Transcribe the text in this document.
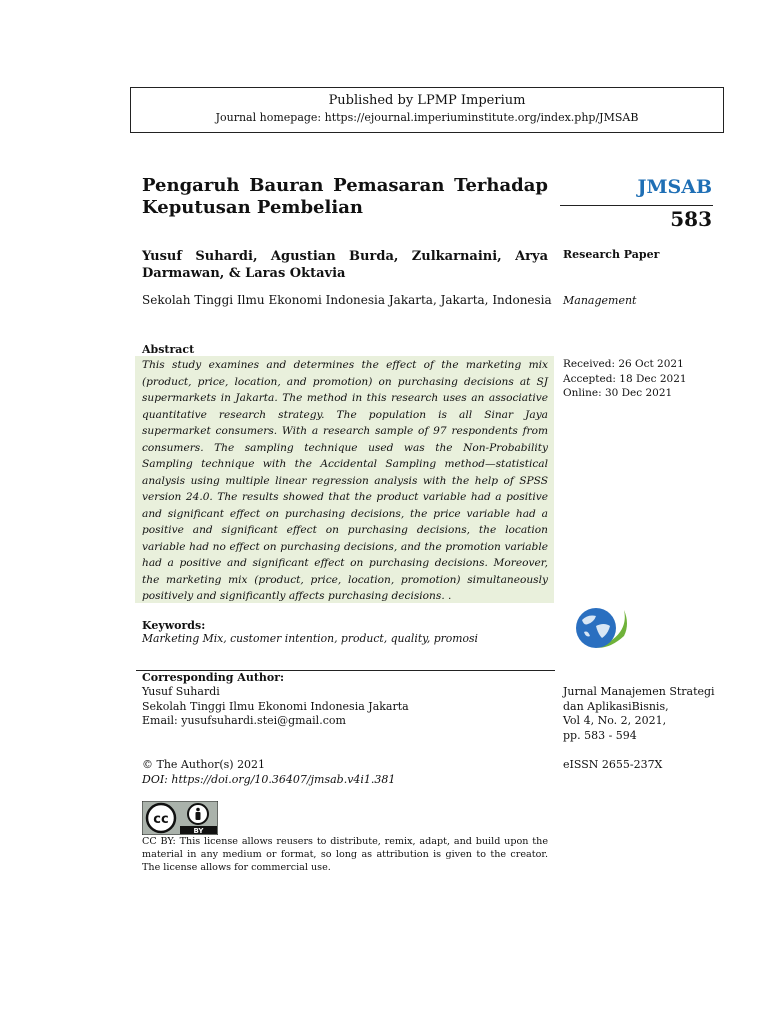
Published by LPMP Imperium
Journal homepage: https://ejournal.imperiuminstitute.org/index.php/JMSAB
Pengaruh Bauran Pemasaran Terhadap Keputusan Pembelian
JMSAB
583
Yusuf Suhardi, Agustian Burda, Zulkarnaini, Arya Darmawan, & Laras Oktavia
Research Paper
Sekolah Tinggi Ilmu Ekonomi Indonesia Jakarta, Jakarta, Indonesia Management
Abstract
This study examines and determines the effect of the marketing mix (product, price, location, and promotion) on purchasing decisions at SJ supermarkets in Jakarta. The method in this research uses an associative quantitative research strategy. The population is all Sinar Jaya supermarket consumers. With a research sample of 97 respondents from consumers. The sampling technique used was the Non-Probability Sampling technique with the Accidental Sampling method—statistical analysis using multiple linear regression analysis with the help of SPSS version 24.0. The results showed that the product variable had a positive and significant effect on purchasing decisions, the price variable had a positive and significant effect on purchasing decisions, the location variable had no effect on purchasing decisions, and the promotion variable had a positive and significant effect on purchasing decisions. Moreover, the marketing mix (product, price, location, promotion) simultaneously positively and significantly affects purchasing decisions. .
Received: 26 Oct 2021
Accepted: 18 Dec 2021
Online: 30 Dec 2021
Keywords:
Marketing Mix, customer intention, product, quality, promosi
Corresponding Author:
Yusuf Suhardi
Sekolah Tinggi Ilmu Ekonomi Indonesia Jakarta
Email: yusufsuhardi.stei@gmail.com
Jurnal Manajemen Strategi
dan AplikasiBisnis,
Vol 4, No. 2, 2021,
pp. 583 - 594
© The Author(s) 2021
DOI: https://doi.org/10.36407/jmsab.v4i1.381
eISSN 2655-237X
cc
BY
CC BY: This license allows reusers to distribute, remix, adapt, and build upon the material in any medium or format, so long as attribution is given to the creator. The license allows for commercial use.
